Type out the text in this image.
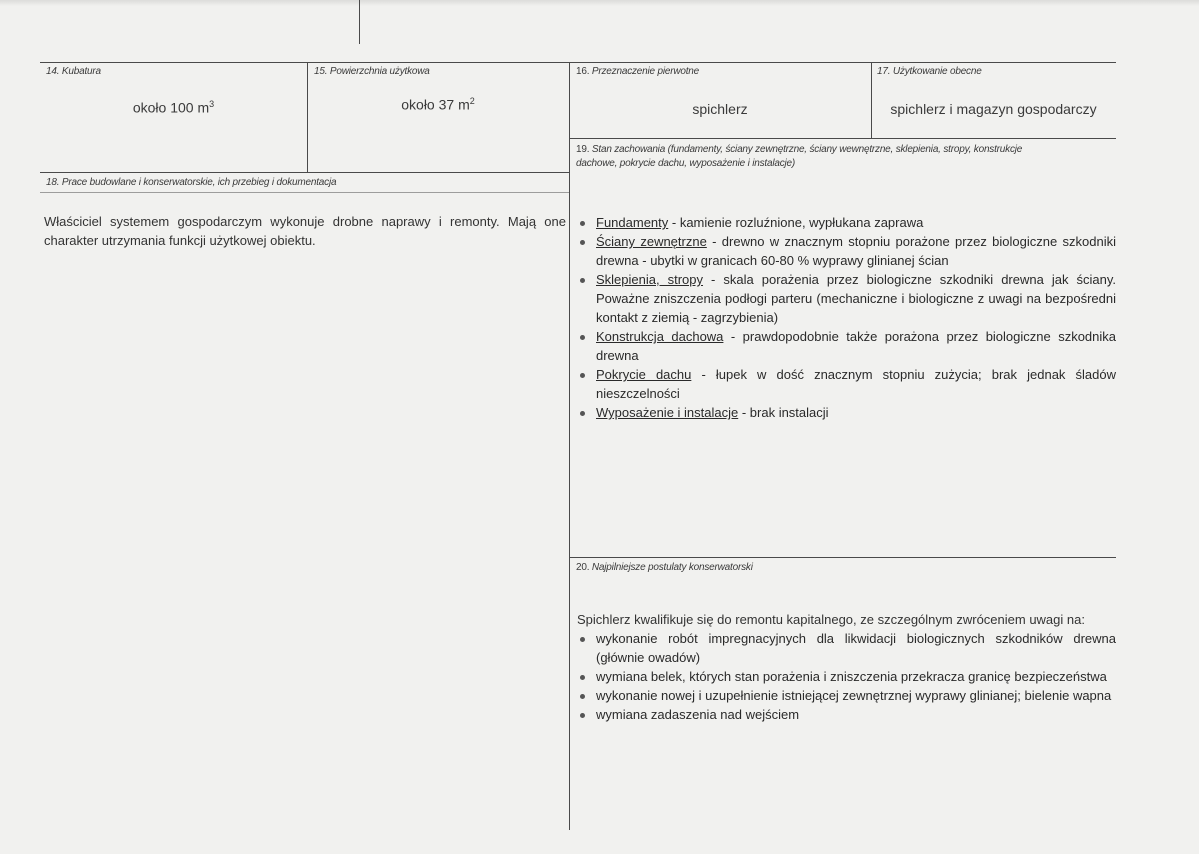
14. Kubatura
około 100 $m^3$
15. Powierzchnia użytkowa
około 37 $m^2$
16. Przeznaczenie pierwotne
spichlerz
17. Użytkowanie obecne
spichlerz i magazyn gospodarczy
18. Prace budowlane i konserwatorskie, ich przebieg i dokumentacja
Właściciel systemem gospodarczym wykonuje drobne naprawy i remonty. Mają one charakter utrzymania funkcji użytkowej obiektu.
19. Stan zachowania (fundamenty, ściany zewnętrzne, ściany wewnętrzne, sklepienia, stropy, konstrukcje dachowe, pokrycie dachu, wyposażenie i instalacje)
Fundamenty - kamienie rozluźnione, wypłukana zaprawa
Ściany zewnętrzne - drewno w znacznym stopniu porażone przez biologiczne szkodniki drewna - ubytki w granicach 60-80 % wyprawy glinianej ścian
Sklepienia, stropy - skala porażenia przez biologiczne szkodniki drewna jak ściany. Poważne zniszczenia podłogi parteru (mechaniczne i biologiczne z uwagi na bezpośredni kontakt z ziemią - zagrzybienia)
Konstrukcja dachowa - prawdopodobnie także porażona przez biologiczne szkodnika drewna
Pokrycie dachu - łupek w dość znacznym stopniu zużycia; brak jednak śladów nieszczelności
Wyposażenie i instalacje - brak instalacji
20. Najpilniejsze postulaty konserwatorski
Spichlerz kwalifikuje się do remontu kapitalnego, ze szczególnym zwróceniem uwagi na:
wykonanie robót impregnacyjnych dla likwidacji biologicznych szkodników drewna (głównie owadów)
wymiana belek, których stan porażenia i zniszczenia przekracza granicę bezpieczeństwa
wykonanie nowej i uzupełnienie istniejącej zewnętrznej wyprawy glinianej; bielenie wapna
wymiana zadaszenia nad wejściem
